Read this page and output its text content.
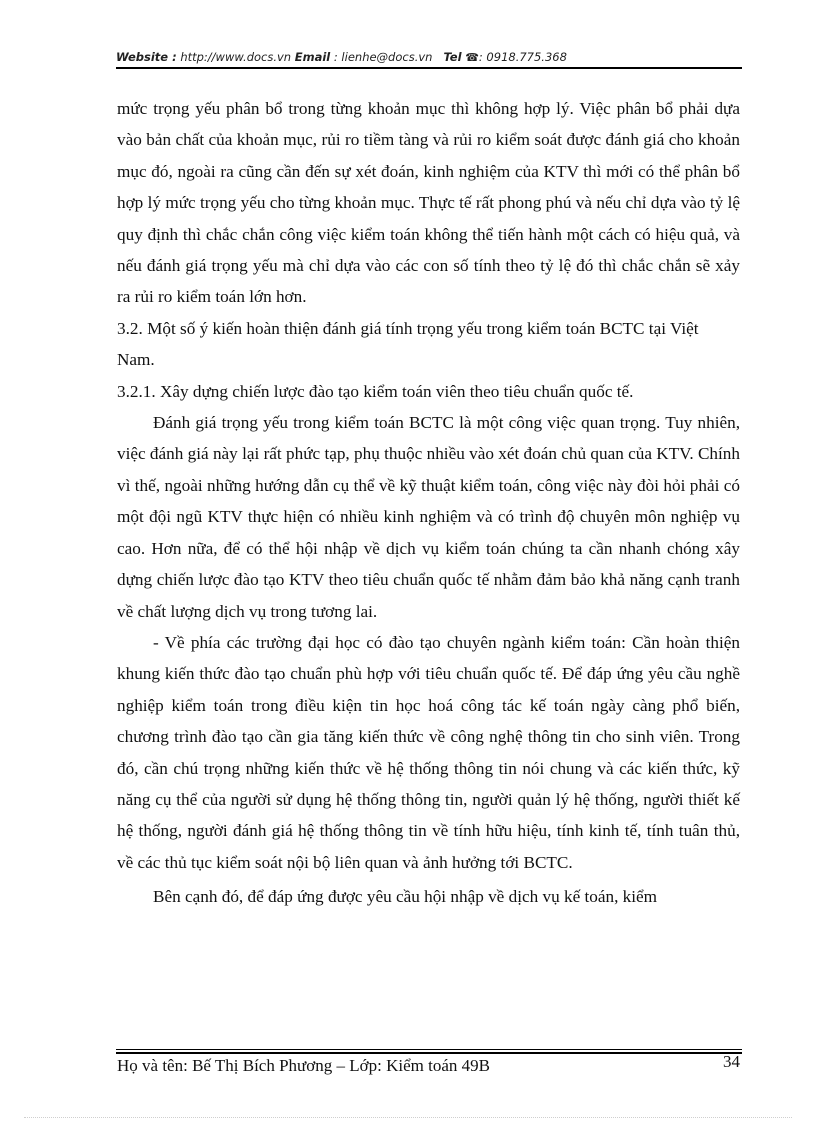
Website : http://www.docs.vn Email : lienhe@docs.vn Tel ☎: 0918.775.368

mức trọng yếu phân bổ trong từng khoản mục thì không hợp lý. Việc phân bổ phải dựa vào bản chất của khoản mục, rủi ro tiềm tàng và rủi ro kiểm soát được đánh giá cho khoản mục đó, ngoài ra cũng cần đến sự xét đoán, kinh nghiệm của KTV thì mới có thể phân bổ hợp lý mức trọng yếu cho từng khoản mục. Thực tế rất phong phú và nếu chỉ dựa vào tỷ lệ quy định thì chắc chắn công việc kiểm toán không thể tiến hành một cách có hiệu quả, và nếu đánh giá trọng yếu mà chỉ dựa vào các con số tính theo tỷ lệ đó thì chắc chắn sẽ xảy ra rủi ro kiểm toán lớn hơn.

3.2. Một số ý kiến hoàn thiện đánh giá tính trọng yếu trong kiểm toán BCTC tại Việt Nam.

3.2.1. Xây dựng chiến lược đào tạo kiểm toán viên theo tiêu chuẩn quốc tế.

Đánh giá trọng yếu trong kiểm toán BCTC là một công việc quan trọng. Tuy nhiên, việc đánh giá này lại rất phức tạp, phụ thuộc nhiều vào xét đoán chủ quan của KTV. Chính vì thế, ngoài những hướng dẫn cụ thể về kỹ thuật kiểm toán, công việc này đòi hỏi phải có một đội ngũ KTV thực hiện có nhiều kinh nghiệm và có trình độ chuyên môn nghiệp vụ cao. Hơn nữa, để có thể hội nhập về dịch vụ kiểm toán chúng ta cần nhanh chóng xây dựng chiến lược đào tạo KTV theo tiêu chuẩn quốc tế nhằm đảm bảo khả năng cạnh tranh về chất lượng dịch vụ trong tương lai.

- Về phía các trường đại học có đào tạo chuyên ngành kiểm toán: Cần hoàn thiện khung kiến thức đào tạo chuẩn phù hợp với tiêu chuẩn quốc tế. Để đáp ứng yêu cầu nghề nghiệp kiểm toán trong điều kiện tin học hoá công tác kế toán ngày càng phổ biến, chương trình đào tạo cần gia tăng kiến thức về công nghệ thông tin cho sinh viên. Trong đó, cần chú trọng những kiến thức về hệ thống thông tin nói chung và các kiến thức, kỹ năng cụ thể của người sử dụng hệ thống thông tin, người quản lý hệ thống, người thiết kế hệ thống, người đánh giá hệ thống thông tin về tính hữu hiệu, tính kinh tế, tính tuân thủ, về các thủ tục kiểm soát nội bộ liên quan và ảnh hưởng tới BCTC.

Bên cạnh đó, để đáp ứng được yêu cầu hội nhập về dịch vụ kế toán, kiểm

Họ và tên: Bế Thị Bích Phương – Lớp: Kiểm toán 49B	34
